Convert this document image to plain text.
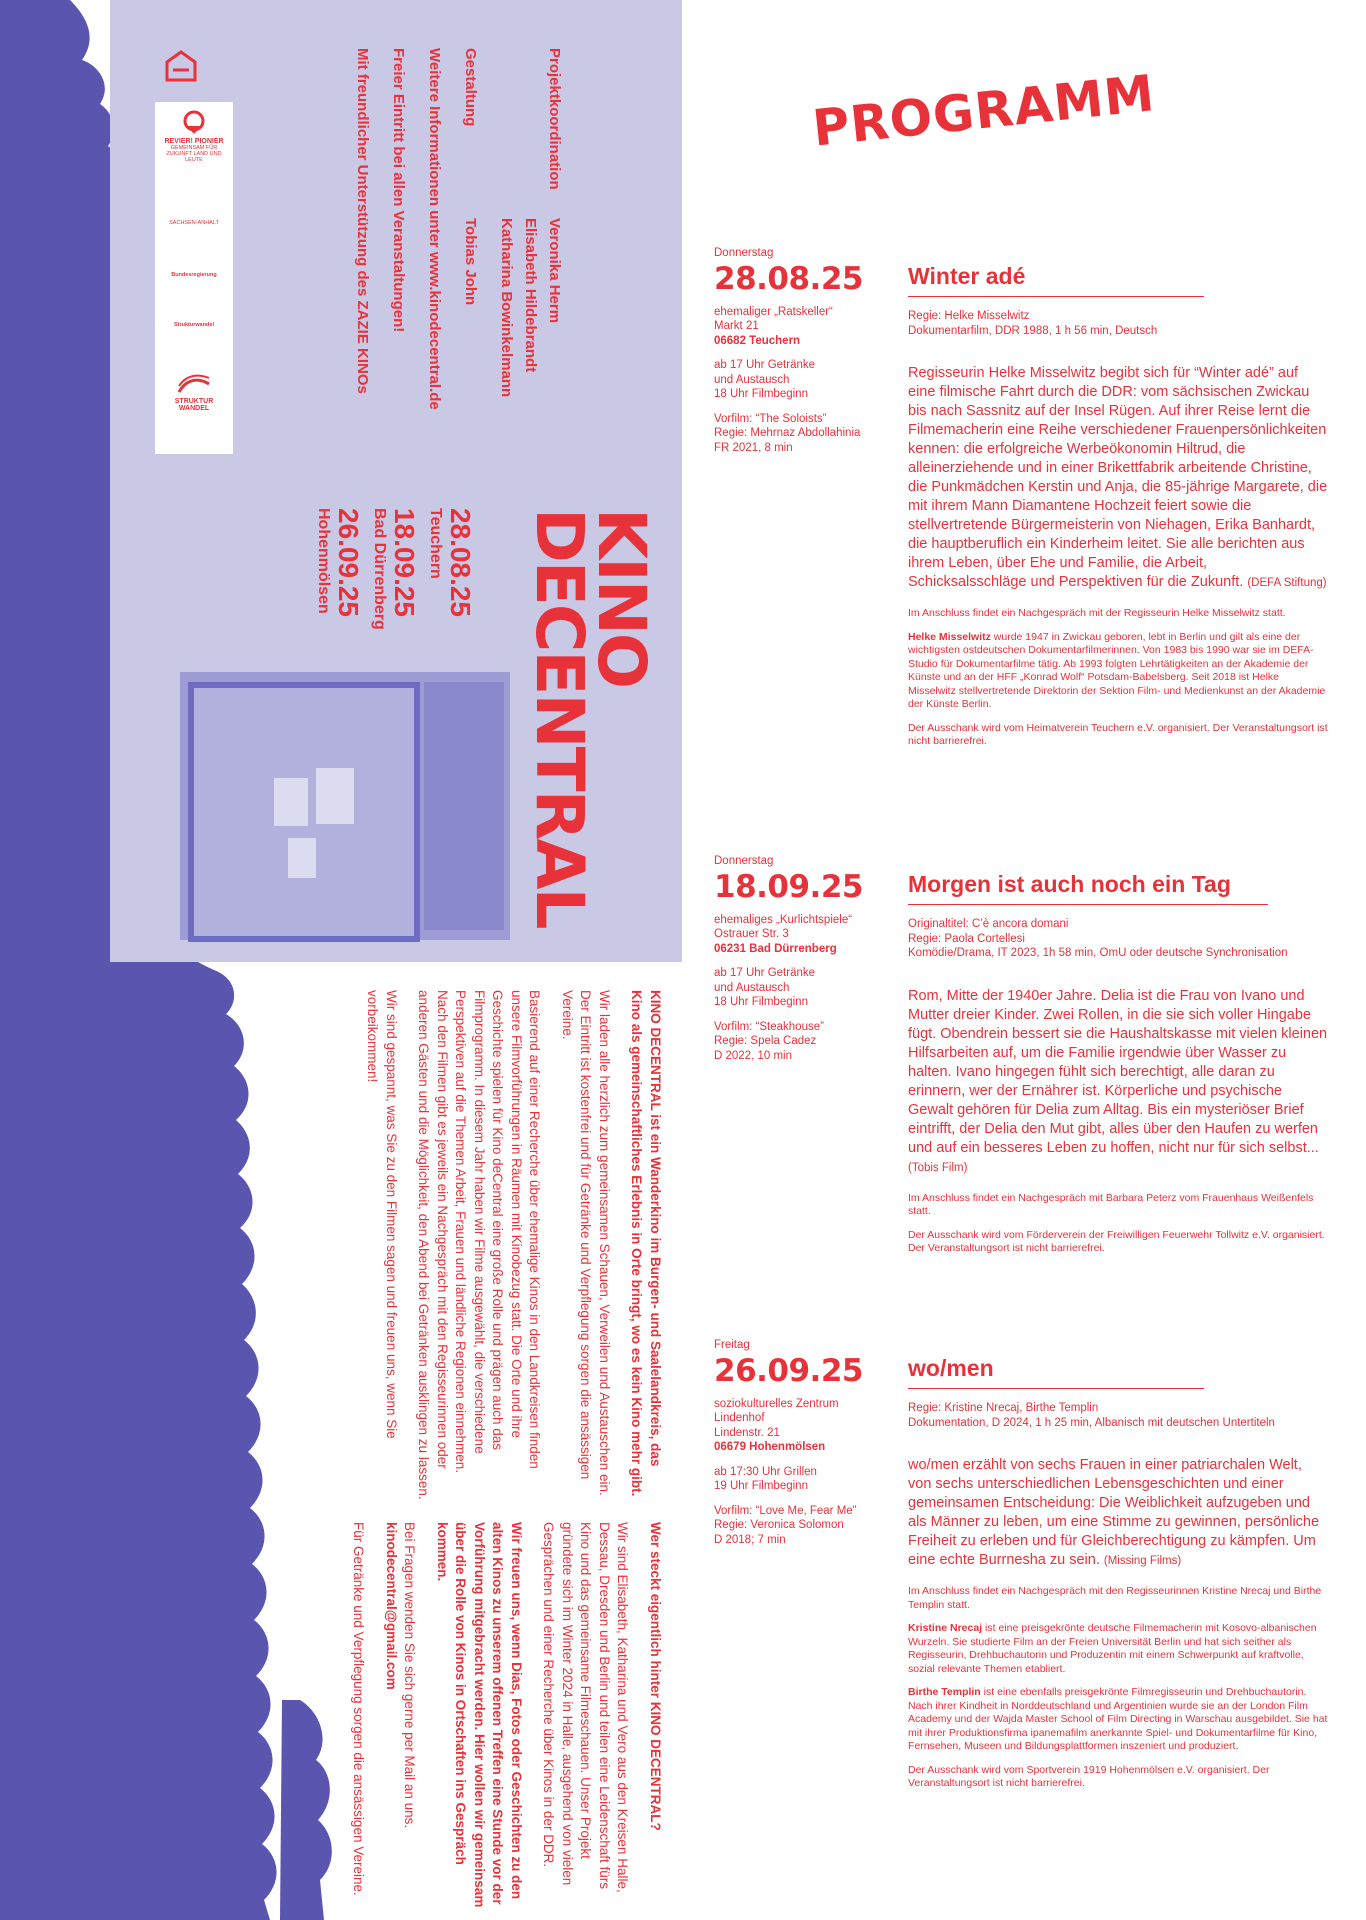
REVIER! PIONIER
GEMEINSAM FÜR ZUKUNFT LAND UND LEUTE
SACHSEN-ANHALT
Bundesregierung
Strukturwandel
STRUKTUR WANDEL
ProjektkoordinationVeronika Herm
Elisabeth Hildebrandt
Katharina Bowinkelmann
GestaltungTobias John
Weitere Informationen unter www.kinodecentral.de
Freier Eintritt bei allen Veranstaltungen!
Mit freundlicher Unterstützung des ZAZIE KINOs
28.08.25
Teuchern
18.09.25
Bad Dürrenberg
26.09.25
Hohenmölsen	KINO
DECENTRAL

KINO DECENTRAL ist ein Wanderkino im Burgen- und Saalelandkreis, das Kino als gemeinschaftliches Erlebnis in Orte bringt, wo es kein Kino mehr gibt.

Wir laden alle herzlich zum gemeinsamen Schauen, Verweilen und Austauschen ein. Der Eintritt ist kostenfrei und für Getränke und Verpflegung sorgen die ansässigen Vereine.

Basierend auf einer Recherche über ehemalige Kinos in den Landkreisen finden unsere Filmvorführungen in Räumen mit Kinobezug statt. Die Orte und ihre Geschichte spielen für Kino deCentral eine große Rolle und prägen auch das Filmprogramm. In diesem Jahr haben wir Filme ausgewählt, die verschiedene Perspektiven auf die Themen Arbeit, Frauen und ländliche Regionen einnehmen. Nach den Filmen gibt es jeweils ein Nachgespräch mit den Regisseurinnen oder anderen Gästen und die Möglichkeit, den Abend bei Getränken ausklingen zu lassen.

Wir sind gespannt, was Sie zu den Filmen sagen und freuen uns, wenn Sie vorbeikommen!

Wer steckt eigentlich hinter KINO DECENTRAL?

Wir sind Elisabeth, Katharina und Vero aus den Kreisen Halle, Dessau, Dresden und Berlin und teilen eine Leidenschaft fürs Kino und das gemeinsame Filmeschauen. Unser Projekt gründete sich im Winter 2024 in Halle, ausgehend von vielen Gesprächen und einer Recherche über Kinos in der DDR.

Wir freuen uns, wenn Dias, Fotos oder Geschichten zu den alten Kinos zu unserem offenen Treffen eine Stunde vor der Vorführung mitgebracht werden. Hier wollen wir gemeinsam über die Rolle von Kinos in Ortschaften ins Gespräch kommen.

Bei Fragen wenden Sie sich gerne per Mail an uns.
kinodecentral@gmail.com

Für Getränke und Verpflegung sorgen die ansässigen Vereine.

PROGRAMM
Donnerstag
28.08.25
ehemaliger „Ratskeller“
Markt 21
06682 Teuchern
ab 17 Uhr Getränke
und Austausch
18 Uhr Filmbeginn
Vorfilm: “The Soloists”
Regie: Mehrnaz Abdollahinia
FR 2021, 8 min
Winter adé
Regie: Helke Misselwitz
Dokumentarfilm, DDR 1988, 1 h 56 min, Deutsch
Regisseurin Helke Misselwitz begibt sich für “Winter adé” auf eine filmische Fahrt durch die DDR: vom sächsischen Zwickau bis nach Sassnitz auf der Insel Rügen. Auf ihrer Reise lernt die Filmemacherin eine Reihe verschiedener Frauenpersönlichkeiten kennen: die erfolgreiche Werbeökonomin Hiltrud, die alleinerziehende und in einer Brikettfabrik arbeitende Christine, die Punkmädchen Kerstin und Anja, die 85-jährige Margarete, die mit ihrem Mann Diamantene Hochzeit feiert sowie die stellvertretende Bürgermeisterin von Niehagen, Erika Banhardt, die hauptberuflich ein Kinderheim leitet. Sie alle berichten aus ihrem Leben, über Ehe und Familie, die Arbeit, Schicksalsschläge und Perspektiven für die Zukunft. (DEFA Stiftung)
Im Anschluss findet ein Nachgespräch mit der Regisseurin Helke Misselwitz statt.
Helke Misselwitz wurde 1947 in Zwickau geboren, lebt in Berlin und gilt als eine der wichtigsten ostdeutschen Dokumentarfilmerinnen. Von 1983 bis 1990 war sie im DEFA-Studio für Dokumentarfilme tätig. Ab 1993 folgten Lehrtätigkeiten an der Akademie der Künste und an der HFF „Konrad Wolf“ Potsdam-Babelsberg. Seit 2018 ist Helke Misselwitz stellvertretende Direktorin der Sektion Film- und Medienkunst an der Akademie der Künste Berlin.
Der Ausschank wird vom Heimatverein Teuchern e.V. organisiert. Der Veranstaltungsort ist nicht barrierefrei.
Donnerstag
18.09.25
ehemaliges „Kurlichtspiele“
Ostrauer Str. 3
06231 Bad Dürrenberg
ab 17 Uhr Getränke
und Austausch
18 Uhr Filmbeginn
Vorfilm: “Steakhouse”
Regie: Spela Cadez
D 2022, 10 min
Morgen ist auch noch ein Tag
Originaltitel: C’è ancora domani
Regie: Paola Cortellesi
Komödie/Drama, IT 2023, 1h 58 min, OmU oder deutsche Synchronisation
Rom, Mitte der 1940er Jahre. Delia ist die Frau von Ivano und Mutter dreier Kinder. Zwei Rollen, in die sie sich voller Hingabe fügt. Obendrein bessert sie die Haushaltskasse mit vielen kleinen Hilfsarbeiten auf, um die Familie irgendwie über Wasser zu halten. Ivano hingegen fühlt sich berechtigt, alle daran zu erinnern, wer der Ernährer ist. Körperliche und psychische Gewalt gehören für Delia zum Alltag. Bis ein mysteriöser Brief eintrifft, der Delia den Mut gibt, alles über den Haufen zu werfen und auf ein besseres Leben zu hoffen, nicht nur für sich selbst... (Tobis Film)
Im Anschluss findet ein Nachgespräch mit Barbara Peterz vom Frauenhaus Weißenfels statt.
Der Ausschank wird vom Förderverein der Freiwilligen Feuerwehr Tollwitz e.V. organisiert. Der Veranstaltungsort ist nicht barrierefrei.
Freitag
26.09.25
soziokulturelles Zentrum
Lindenhof
Lindenstr. 21
06679 Hohenmölsen
ab 17:30 Uhr Grillen
19 Uhr Filmbeginn
Vorfilm: “Love Me, Fear Me”
Regie: Veronica Solomon
D 2018; 7 min
wo/men
Regie: Kristine Nrecaj, Birthe Templin
Dokumentation, D 2024, 1 h 25 min, Albanisch mit deutschen Untertiteln
wo/men erzählt von sechs Frauen in einer patriarchalen Welt, von sechs unterschiedlichen Lebensgeschichten und einer gemeinsamen Entscheidung: Die Weiblichkeit aufzugeben und als Männer zu leben, um eine Stimme zu gewinnen, persönliche Freiheit zu erleben und für Gleichberechtigung zu kämpfen. Um eine echte Burrnesha zu sein. (Missing Films)
Im Anschluss findet ein Nachgespräch mit den Regisseurinnen Kristine Nrecaj und Birthe Templin statt.
Kristine Nrecaj ist eine preisgekrönte deutsche Filmemacherin mit Kosovo-albanischen Wurzeln. Sie studierte Film an der Freien Universität Berlin und hat sich seither als Regisseurin, Drehbuchautorin und Produzentin mit einem Schwerpunkt auf kraftvolle, sozial relevante Themen etabliert.
Birthe Templin ist eine ebenfalls preisgekrönte Filmregisseurin und Drehbuchautorin. Nach ihrer Kindheit in Norddeutschland und Argentinien wurde sie an der London Film Academy und der Wajda Master School of Film Directing in Warschau ausgebildet. Sie hat mit ihrer Produktionsfirma ipanemafilm anerkannte Spiel- und Dokumentarfilme für Kino, Fernsehen, Museen und Bildungsplattformen inszeniert und produziert.
Der Ausschank wird vom Sportverein 1919 Hohenmölsen e.V. organisiert. Der Veranstaltungsort ist nicht barrierefrei.
